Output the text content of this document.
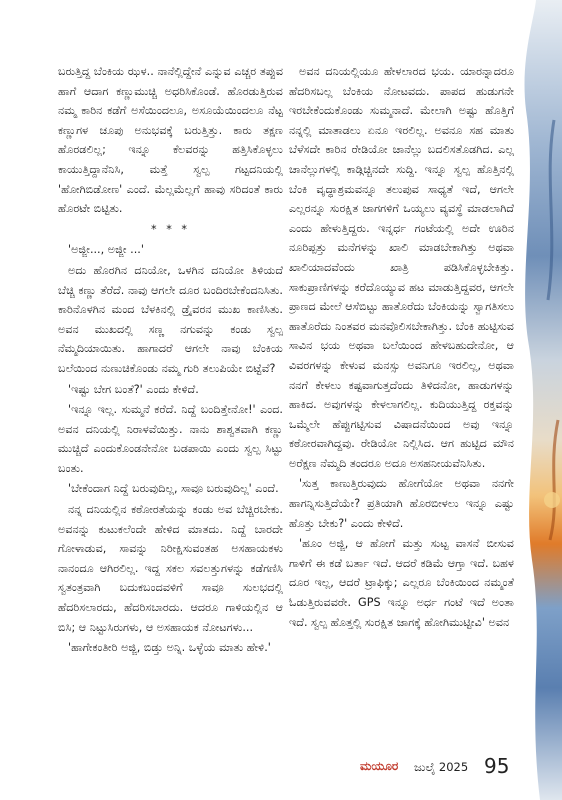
ಬರುತ್ತಿದ್ದ ಬೆಂಕಿಯ ಝಳ.. ನಾನೆಲ್ಲಿದ್ದೇನೆ ಎನ್ನುವ ಎಚ್ಚರ ತಪ್ಪುವ ಹಾಗೆ ಆದಾಗ ಕಣ್ಣುಮುಚ್ಚಿ ಅಧರಿಸಿಕೊಂಡೆ. ಹೊರಡುತ್ತಿರುವ ನಮ್ಮ ಕಾರಿನ ಕಡೆಗೆ ಅಸೆಯಿಂದಲೂ, ಅಸೂಯೆಯಿಂದಲೂ ನೆಟ್ಟ ಕಣ್ಣುಗಳ ಚೂಪು ಅನುಭವಕ್ಕೆ ಬರುತ್ತಿತ್ತು. ಕಾರು ತಕ್ಷಣ ಹೊರಡಲಿಲ್ಲ; ಇನ್ನೂ ಕೆಲವರನ್ನು ಹತ್ತಿಸಿಕೊಳ್ಳಲು ಕಾಯುತ್ತಿದ್ದಾನೆನಿಸಿ, ಮತ್ತೆ ಸ್ವಲ್ಪ ಗಟ್ಟದನಿಯಲ್ಲಿ 'ಹೋಗಿಬಿಡೋಣ' ಎಂದೆ. ಮೆಲ್ಲಮೆಲ್ಲಗೆ ಹಾವು ಸರಿದಂತೆ ಕಾರು ಹೊರಟೇ ಬಿಟ್ಟಿತು.

* * *

'ಅಜ್ಜೀ..., ಅಜ್ಜೀ ...'

ಅದು ಹೊರಗಿನ ದನಿಯೋ, ಒಳಗಿನ ದನಿಯೋ ತಿಳಿಯದೆ ಬೆಚ್ಚಿ ಕಣ್ಣು ತೆರೆದೆ. ನಾವು ಆಗಲೇ ದೂರ ಬಂದಿರಬೇಕೆಂದನಿಸಿತು. ಕಾರಿನೊಳಗಿನ ಮಂದ ಬೆಳಕಿನಲ್ಲಿ ಡ್ರೈವರನ ಮುಖ ಕಾಣಿಸಿತು. ಅವನ ಮುಖದಲ್ಲಿ ಸಣ್ಣ ನಗುವನ್ನು ಕಂಡು ಸ್ವಲ್ಪ ನೆಮ್ಮದಿಯಾಯಿತು. ಹಾಗಾದರೆ ಆಗಲೇ ನಾವು ಬೆಂಕಿಯ ಬಲೆಯಿಂದ ನುಣುಚಿಕೊಂಡು ನಮ್ಮ ಗುರಿ ತಲುಪಿಯೇ ಬಿಟ್ಟೆವೆ?

'ಇಷ್ಟು ಬೇಗ ಬಂತೆ?' ಎಂದು ಕೇಳಿದೆ.

'ಇನ್ನೂ ಇಲ್ಲ. ಸುಮ್ಮನೆ ಕರೆದೆ. ನಿದ್ದೆ ಬಂದಿತ್ತೇನೋ!' ಎಂದ. ಅವನ ದನಿಯಲ್ಲಿ ನಿರಾಳವೆಯಿತ್ತು. ನಾನು ಶಾಶ್ವತವಾಗಿ ಕಣ್ಣು ಮುಚ್ಚಿದೆ ಎಂದುಕೊಂಡನೇನೋ ಬಡಪಾಯಿ ಎಂದು ಸ್ವಲ್ಪ ಸಿಟ್ಟು ಬಂತು.

'ಬೇಕೆಂದಾಗ ನಿದ್ದೆ ಬರುವುದಿಲ್ಲ, ಸಾವೂ ಬರುವುದಿಲ್ಲ' ಎಂದೆ.

ನನ್ನ ದನಿಯಲ್ಲಿನ ಕಠೋರತೆಯನ್ನು ಕಂಡು ಅವ ಬೆಚ್ಚಿರಬೇಕು. ಅವನನ್ನು ಕುಟುಕಲೆಂದೇ ಹೇಳಿದ ಮಾತದು. ನಿದ್ದೆ ಬಾರದೇ ಗೋಳಾಡುವ, ಸಾವನ್ನು ನಿರೀಕ್ಷಿಸುವಂತಹ ಅಸಹಾಯಕಳು ನಾನಂದೂ ಆಗಿರಲಿಲ್ಲ. ಇದ್ದ ಸಕಲ ಸವಲತ್ತುಗಳನ್ನು ಕಡೆಗಣಿಸಿ ಸ್ವತಂತ್ರವಾಗಿ ಬದುಕಬಂದವಳಿಗೆ ಸಾವೂ ಸುಲಭದಲ್ಲಿ ಹೆದರಿಸಲಾರದು, ಹೆದರಿಸಬಾರದು. ಆದರೂ ಗಾಳಿಯಲ್ಲಿನ ಆ ಬಿಸಿ; ಆ ನಿಟ್ಟುಸಿರುಗಳು, ಆ ಅಸಹಾಯಕ ನೋಟಗಳು...

'ಹಾಗೇಕಂತೀರಿ ಅಜ್ಜಿ, ಬಿಡ್ತು ಅನ್ನಿ. ಒಳ್ಳೆಯ ಮಾತು ಹೇಳಿ.'

ಅವನ ದನಿಯಲ್ಲಿಯೂ ಹೇಳಲಾರದ ಭಯ. ಯಾರನ್ನಾದರೂ ಹೆದರಿಸಬಲ್ಲ ಬೆಂಕಿಯ ನೋಟವದು. ಪಾಪದ ಹುಡುಗನೇ ಇರಬೇಕೆಂದುಕೊಂಡು ಸುಮ್ಮನಾದೆ. ಮೇಲಾಗಿ ಅಷ್ಟು ಹೊತ್ತಿಗೆ ನನ್ನಲ್ಲಿ ಮಾತಾಡಲು ಏನೂ ಇರಲಿಲ್ಲ. ಅವನೂ ಸಹ ಮಾತು ಬೆಳೆಸದೇ ಕಾರಿನ ರೇಡಿಯೋ ಚಾನೆಲ್ಲು ಬದಲಿಸತೊಡಗಿದ. ಎಲ್ಲ ಚಾನೆಲ್ಲುಗಳಲ್ಲಿ ಕಾಡ್ಗಿಚ್ಚಿನದೇ ಸುದ್ದಿ. ಇನ್ನೂ ಸ್ವಲ್ಪ ಹೊತ್ತಿನಲ್ಲಿ ಬೆಂಕಿ ವೃದ್ಧಾಶ್ರಮವನ್ನೂ ತಲುಪುವ ಸಾಧ್ಯತೆ ಇದೆ, ಆಗಲೇ ಎಲ್ಲರನ್ನೂ ಸುರಕ್ಷಿತ ಜಾಗಗಳಿಗೆ ಒಯ್ಯಲು ವ್ಯವಸ್ಥೆ ಮಾಡಲಾಗಿದೆ ಎಂದು ಹೇಳುತ್ತಿದ್ದರು. ಇನ್ನರ್ಧ ಗಂಟೆಯಲ್ಲಿ ಅದೇ ಊರಿನ ನೂರಿಪ್ಪತ್ತು ಮನೆಗಳನ್ನು ಖಾಲಿ ಮಾಡಬೇಕಾಗಿತ್ತು ಅಥವಾ ಖಾಲಿಯಾದವೆಂದು ಖಾತ್ರಿ ಪಡಿಸಿಕೊಳ್ಳಬೇಕಿತ್ತು. ಸಾಕುಪ್ರಾಣಿಗಳನ್ನು ಕರೆದೊಯ್ಯುವ ಹಟ ಮಾಡುತ್ತಿದ್ದವರ, ಆಗಲೇ ಪ್ರಾಣದ ಮೇಲೆ ಆಸೆಬಿಟ್ಟು ಹಾತೊರೆದು ಬೆಂಕಿಯನ್ನು ಸ್ವಾಗತಿಸಲು ಹಾತೊರೆದು ನಿಂತವರ ಮನವೊಲಿಸಬೇಕಾಗಿತ್ತು. ಬೆಂಕಿ ಹುಟ್ಟಿಸುವ ಸಾವಿನ ಭಯ ಅಥವಾ ಬಲೆಯಿಂದ ಹೇಳಬಹುದೇನೋ, ಆ ವಿವರಗಳನ್ನು ಕೇಳುವ ಮನಸ್ಸು ಅವನಿಗೂ ಇರಲಿಲ್ಲ, ಅಥವಾ ನನಗೆ ಕೇಳಲು ಕಷ್ಟವಾಗುತ್ತದೆಂದು ತಿಳಿದನೋ, ಹಾಡುಗಳನ್ನು ಹಾಕಿದ. ಅವುಗಳನ್ನು ಕೇಳಲಾಗಲಿಲ್ಲ. ಕುದಿಯುತ್ತಿದ್ದ ರಕ್ತವನ್ನು ಒಮ್ಮೆಲೇ ಹೆಪ್ಪುಗಟ್ಟಿಸುವ ವಿಷಾದನೆಯಿಂದ ಅವು ಇನ್ನೂ ಕಠೋರವಾಗಿದ್ದವು. ರೇಡಿಯೋ ನಿಲ್ಲಿಸಿದ. ಆಗ ಹುಟ್ಟಿದ ಮೌನ ಅರೆಕ್ಷಣ ನೆಮ್ಮದಿ ತಂದರೂ ಅದೂ ಅಸಹನೀಯವೆನಿಸಿತು.

'ಸುತ್ತ ಕಾಣುತ್ತಿರುವುದು ಹೋಗೆಯೋ ಅಥವಾ ನನಗೇ ಹಾಗನ್ನಿಸುತ್ತಿದೆಯೇ? ಪ್ರತಿಯಾಗಿ ಹೊರಬೀಳಲು ಇನ್ನೂ ಎಷ್ಟು ಹೊತ್ತು ಬೇಕು?' ಎಂದು ಕೇಳಿದೆ.

'ಹೂಂ ಅಜ್ಜಿ, ಆ ಹೋಗೆ ಮತ್ತು ಸುಟ್ಟ ವಾಸನೆ ಬೀಸುವ ಗಾಳಿಗೆ ಈ ಕಡೆ ಬರ್ತಾ ಇದೆ. ಆದರೆ ಕಡಿಮೆ ಆಗ್ತಾ ಇದೆ. ಬಹಳ ದೂರ ಇಲ್ಲ, ಆದರೆ ಟ್ರಾಫಿಕ್ಕು; ಎಲ್ಲರೂ ಬೆಂಕಿಯಿಂದ ನಮ್ಮಂತೆ ಓಡುತ್ತಿರುವವರೇ. GPS ಇನ್ನೂ ಅರ್ಧ ಗಂಟೆ ಇದೆ ಅಂತಾ ಇದೆ. ಸ್ವಲ್ಪ ಹೊತ್ತಲ್ಲಿ ಸುರಕ್ಷಿತ ಜಾಗಕ್ಕೆ ಹೋಗಿಮುಟ್ಟೀವಿ' ಅವನ

ಮಯೂರ ಜುಲೈ 2025 95
